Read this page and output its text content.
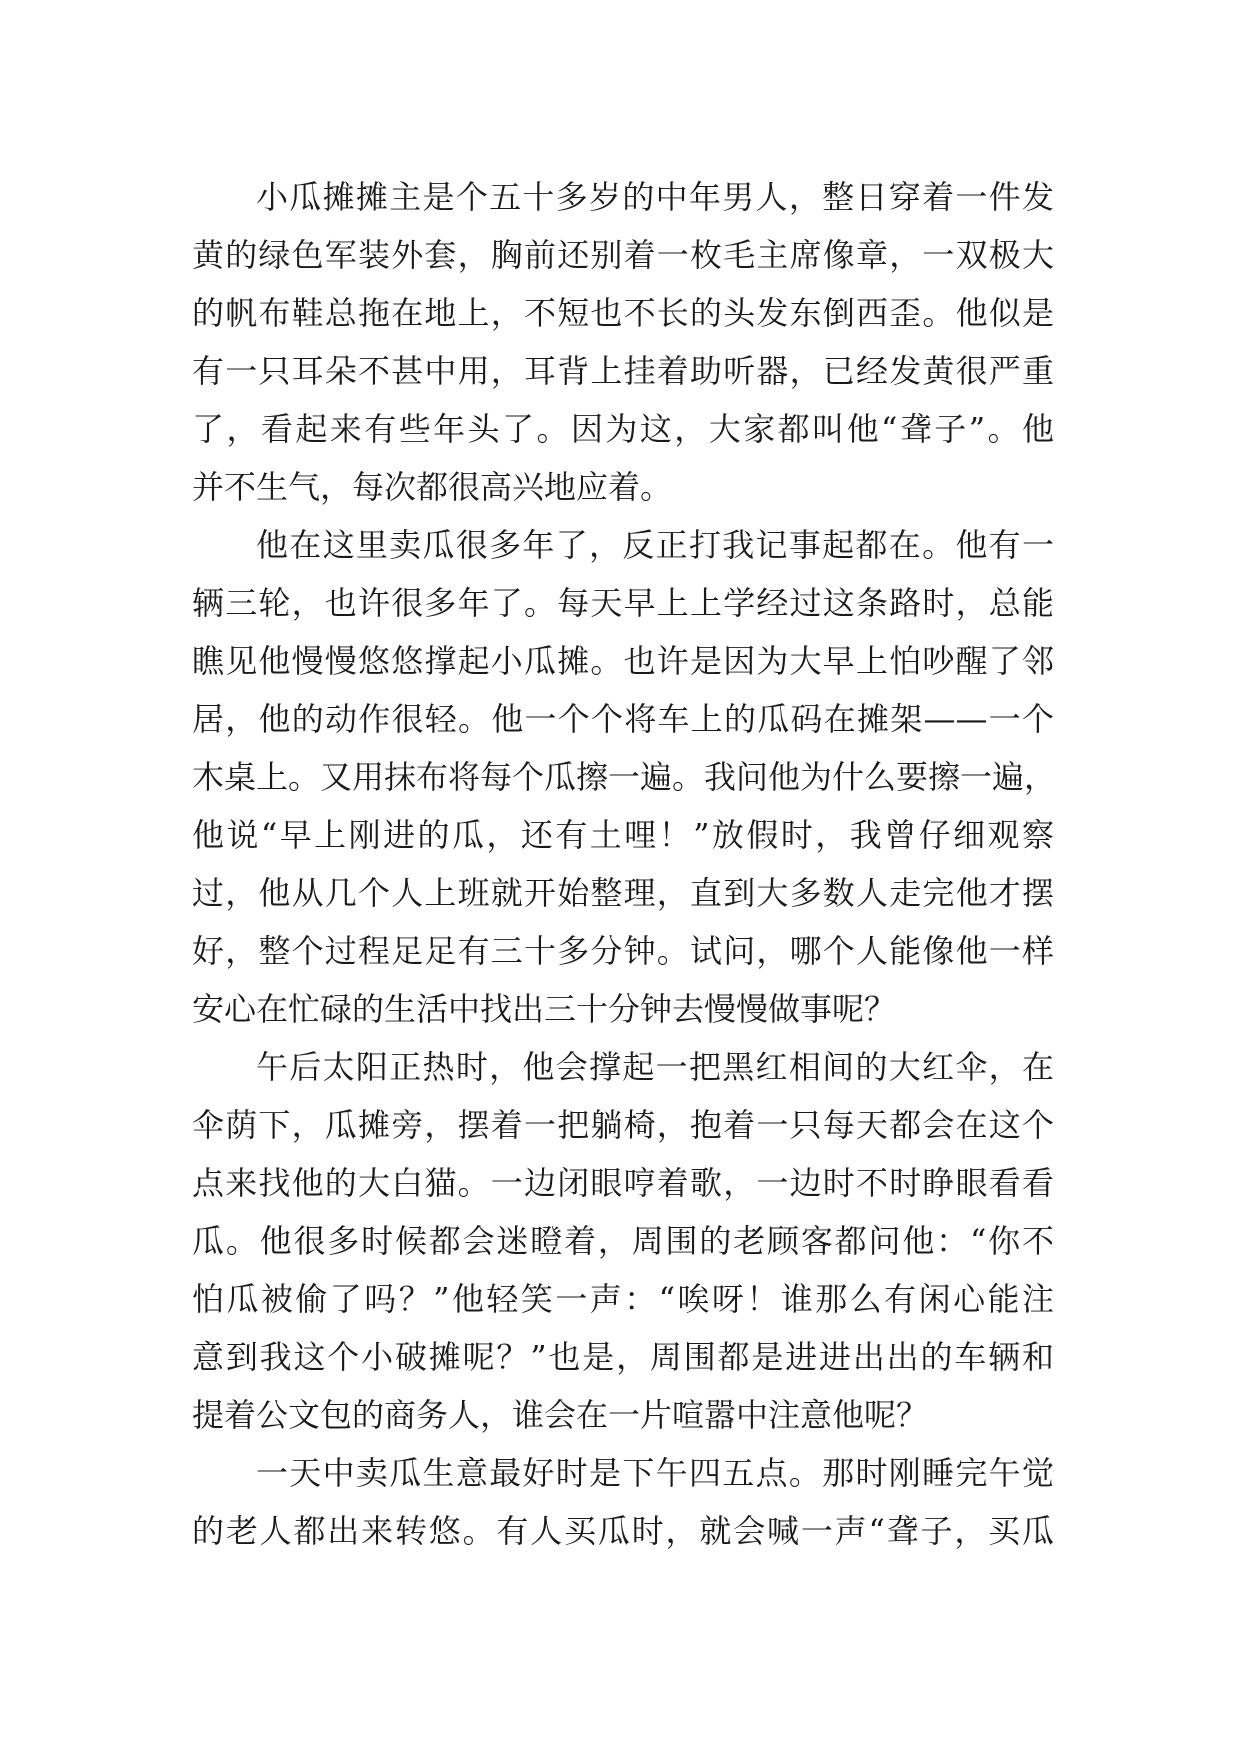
小瓜摊摊主是个五十多岁的中年男人，整日穿着一件发
黄的绿色军装外套，胸前还别着一枚毛主席像章，一双极大
的帆布鞋总拖在地上，不短也不长的头发东倒西歪。他似是
有一只耳朵不甚中用，耳背上挂着助听器，已经发黄很严重
了，看起来有些年头了。因为这，大家都叫他“聋子”。他
并不生气，每次都很高兴地应着。
他在这里卖瓜很多年了，反正打我记事起都在。他有一
辆三轮，也许很多年了。每天早上上学经过这条路时，总能
瞧见他慢慢悠悠撑起小瓜摊。也许是因为大早上怕吵醒了邻
居，他的动作很轻。他一个个将车上的瓜码在摊架——一个
木桌上。又用抹布将每个瓜擦一遍。我问他为什么要擦一遍，
他说“早上刚进的瓜，还有土哩！”放假时，我曾仔细观察
过，他从几个人上班就开始整理，直到大多数人走完他才摆
好，整个过程足足有三十多分钟。试问，哪个人能像他一样
安心在忙碌的生活中找出三十分钟去慢慢做事呢？
午后太阳正热时，他会撑起一把黑红相间的大红伞，在
伞荫下，瓜摊旁，摆着一把躺椅，抱着一只每天都会在这个
点来找他的大白猫。一边闭眼哼着歌，一边时不时睁眼看看
瓜。他很多时候都会迷瞪着，周围的老顾客都问他：“你不
怕瓜被偷了吗？”他轻笑一声：“唉呀！谁那么有闲心能注
意到我这个小破摊呢？”也是，周围都是进进出出的车辆和
提着公文包的商务人，谁会在一片喧嚣中注意他呢？
一天中卖瓜生意最好时是下午四五点。那时刚睡完午觉
的老人都出来转悠。有人买瓜时，就会喊一声“聋子，买瓜
